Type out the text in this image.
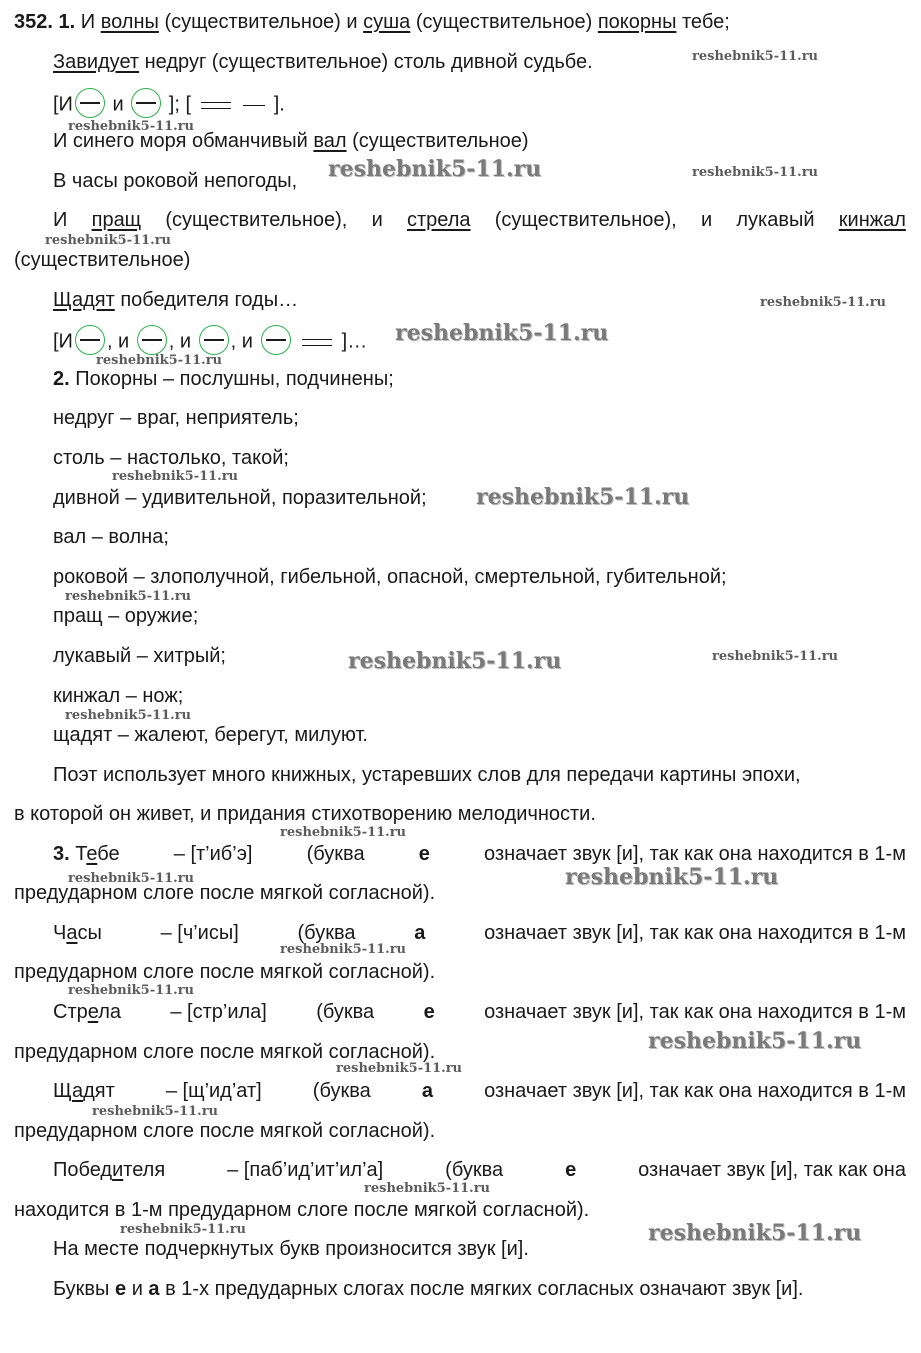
352. 1. И волны (существительное) и суша (существительное) покорны тебе;
Завидует недруг (существительное) столь дивной судьбе.
[И и ]; [	].
И синего моря обманчивый вал (существительное)
В часы роковой непогоды,
И пращ (существительное), и стрела (существительное), и лукавый кинжал
(существительное)
Щадят победителя годы…
[И , и , и , и	]…
2. Покорны – послушны, подчинены;
недруг – враг, неприятель;
столь – настолько, такой;
дивной – удивительной, поразительной;
вал – волна;
роковой – злополучной, гибельной, опасной, смертельной, губительной;
пращ – оружие;
лукавый – хитрый;
кинжал – нож;
щадят – жалеют, берегут, милуют.
Поэт использует много книжных, устаревших слов для передачи картины эпохи,
в которой он живет, и придания стихотворению мелодичности.
3. Тебе	– [т’иб’э]	(буква	е	означает звук [и], так как она находится в 1-м
предударном слоге после мягкой согласной).
Часы	– [ч’исы]	(буква	а	означает звук [и], так как она находится в 1-м
предударном слоге после мягкой согласной).
Стрела – [стр’ила] (буква е означает звук [и], так как она находится в 1-м
предударном слоге после мягкой согласной).
Щадят	– [щ’ид’ат]	(буква	а	означает звук [и], так как она находится в 1-м
предударном слоге после мягкой согласной).
Победителя	– [паб’ид’ит’ил’а]	(буква	е	означает звук [и], так как она
находится в 1-м предударном слоге после мягкой согласной).
На месте подчеркнутых букв произносится звук [и].
Буквы е и а в 1-х предударных слогах после мягких согласных означают звук [и].
reshebnik5-11.ru
reshebnik5-11.ru
reshebnik5-11.ru	reshebnik5-11.ru
reshebnik5-11.ru
reshebnik5-11.ru
reshebnik5-11.ru
reshebnik5-11.ru
reshebnik5-11.ru
reshebnik5-11.ru
reshebnik5-11.ru
reshebnik5-11.ru	reshebnik5-11.ru
reshebnik5-11.ru
reshebnik5-11.ru
reshebnik5-11.ru	reshebnik5-11.ru
reshebnik5-11.ru
reshebnik5-11.ru
reshebnik5-11.ru
reshebnik5-11.ru
reshebnik5-11.ru
reshebnik5-11.ru
reshebnik5-11.ru	reshebnik5-11.ru
